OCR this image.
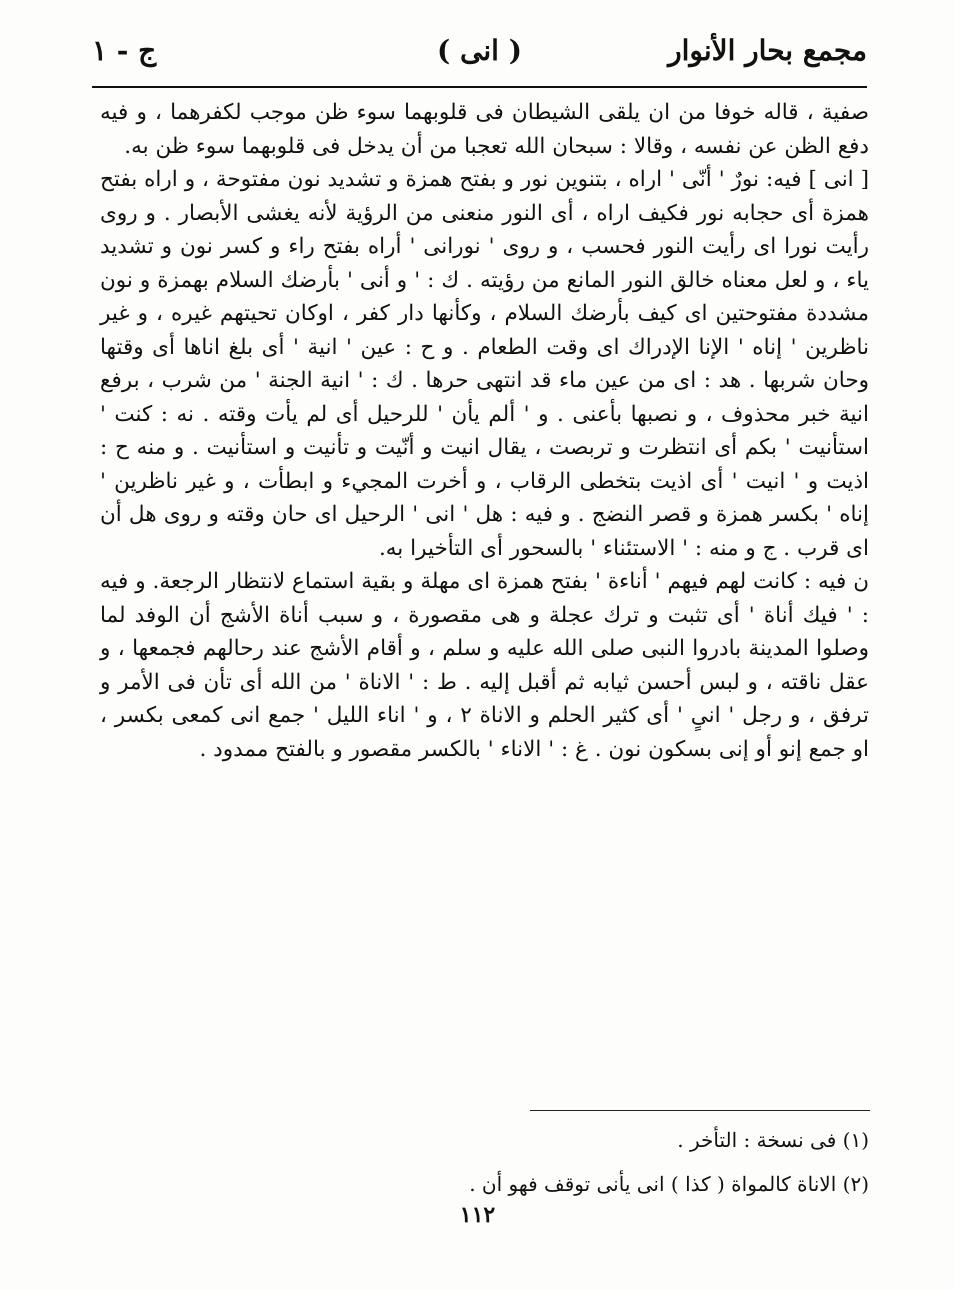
مجمع بحار الأنوار
( انى )
ج - ١

صفية ، قاله خوفا من ان يلقى الشيطان فى قلوبهما سوء ظن موجب لكفرهما ، و فيه دفع الظن عن نفسه ، وقالا : سبحان الله تعجبا من أن يدخل فى قلوبهما سوء ظن به.

[ انى ] فيه: نورٌ ' أنّى ' اراه ، بتنوين نور و بفتح همزة و تشديد نون مفتوحة ، و اراه بفتح همزة أى حجابه نور فكيف اراه ، أى النور منعنى من الرؤية لأنه يغشى الأبصار . و روى رأيت نورا اى رأيت النور فحسب ، و روى ' نورانى ' أراه بفتح راء و كسر نون و تشديد ياء ، و لعل معناه خالق النور المانع من رؤيته . ك : ' و أنى ' بأرضك السلام بهمزة و نون مشددة مفتوحتين اى كيف بأرضك السلام ، وكأنها دار كفر ، اوكان تحيتهم غيره ، و غير ناظرين ' إناه ' الإنا الإدراك اى وقت الطعام . و ح : عين ' انية ' أى بلغ اناها أى وقتها وحان شربها . هد : اى من عين ماء قد انتهى حرها . ك : ' انية الجنة ' من شرب ، برفع انية خبر محذوف ، و نصبها بأعنى . و ' ألم يأن ' للرحيل أى لم يأت وقته . نه : كنت ' استأنيت ' بكم أى انتظرت و تربصت ، يقال انيت و أنّيت و تأنيت و استأنيت . و منه ح : اذيت و ' انيت ' أى اذيت بتخطى الرقاب ، و أخرت المجيء و ابطأت ، و غير ناظرين ' إناه ' بكسر همزة و قصر النضج . و فيه : هل ' انى ' الرحيل اى حان وقته و روى هل أن اى قرب . ج و منه : ' الاستئناء ' بالسحور أى التأخيرا به.

ن فيه : كانت لهم فيهم ' أناءة ' بفتح همزة اى مهلة و بقية استماع لانتظار الرجعة. و فيه : ' فيك أناة ' أى تثبت و ترك عجلة و هى مقصورة ، و سبب أناة الأشج أن الوفد لما وصلوا المدينة بادروا النبى صلى الله عليه و سلم ، و أقام الأشج عند رحالهم فجمعها ، و عقل ناقته ، و لبس أحسن ثيابه ثم أقبل إليه . ط : ' الاناة ' من الله أى تأن فى الأمر و ترفق ، و رجل ' انىٍ ' أى كثير الحلم و الاناة ٢ ، و ' اناء الليل ' جمع انى كمعى بكسر ، او جمع إنو أو إنى بسكون نون . غ : ' الاناء ' بالكسر مقصور و بالفتح ممدود .

(١) فى نسخة : التأخر .

(٢) الاناة كالمواة ( كذا ) انى يأنى توقف فهو أن .

١١٢
